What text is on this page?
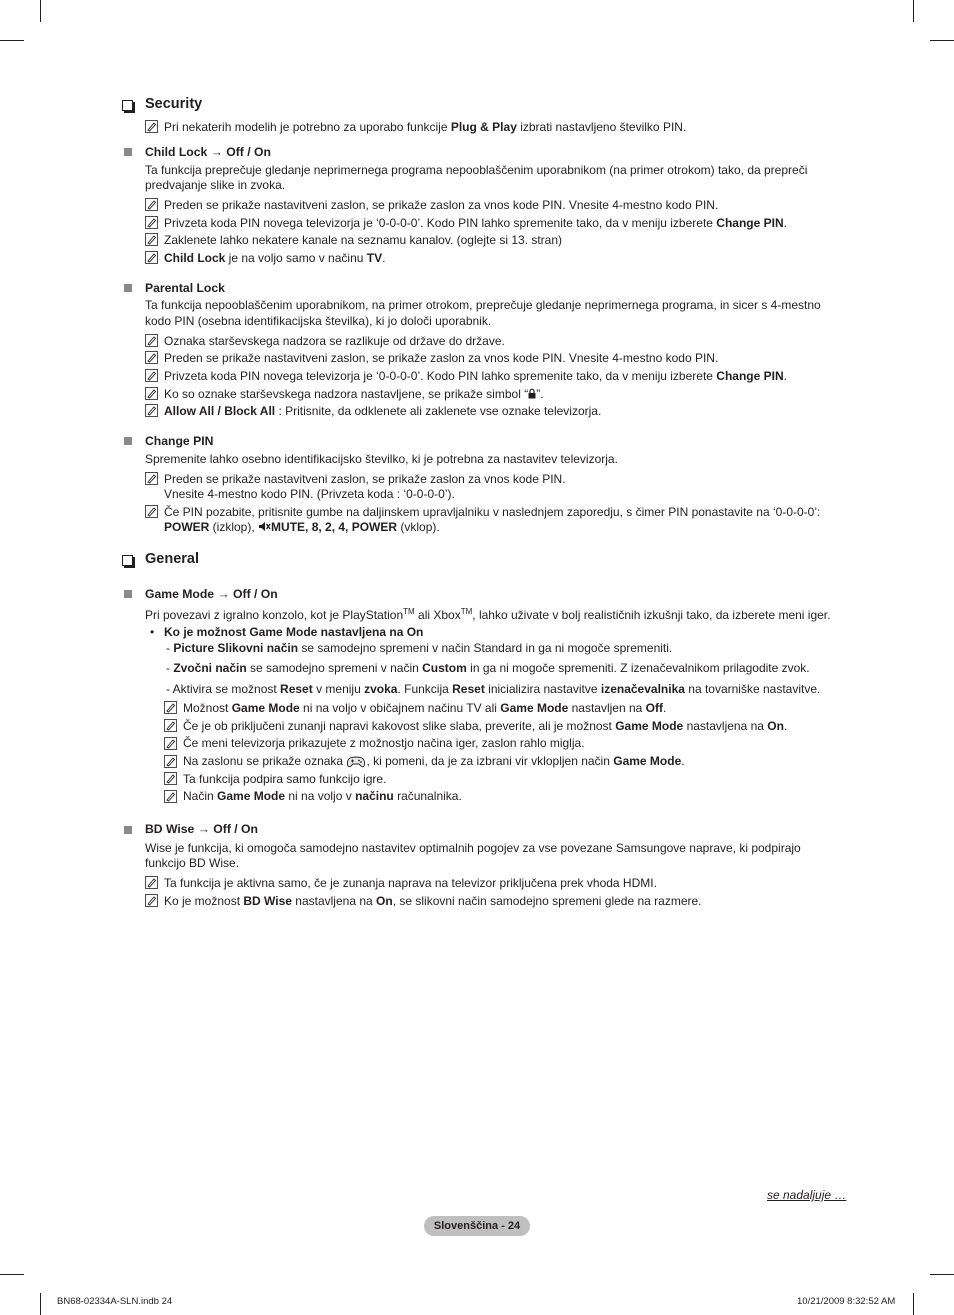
Security
Pri nekaterih modelih je potrebno za uporabo funkcije Plug & Play izbrati nastavljeno številko PIN.
Child Lock → Off / On
Ta funkcija preprečuje gledanje neprimernega programa nepooblaščenim uporabnikom (na primer otrokom) tako, da prepreči
predvajanje slike in zvoka.
Preden se prikaže nastavitveni zaslon, se prikaže zaslon za vnos kode PIN. Vnesite 4-mestno kodo PIN.
Privzeta koda PIN novega televizorja je ‘0-0-0-0’. Kodo PIN lahko spremenite tako, da v meniju izberete Change PIN.
Zaklenete lahko nekatere kanale na seznamu kanalov. (oglejte si 13. stran)
Child Lock je na voljo samo v načinu TV.
Parental Lock
Ta funkcija nepooblaščenim uporabnikom, na primer otrokom, preprečuje gledanje neprimernega programa, in sicer s 4-mestno
kodo PIN (osebna identifikacijska številka), ki jo določi uporabnik.
Oznaka starševskega nadzora se razlikuje od države do države.
Preden se prikaže nastavitveni zaslon, se prikaže zaslon za vnos kode PIN. Vnesite 4-mestno kodo PIN.
Privzeta koda PIN novega televizorja je ‘0-0-0-0’. Kodo PIN lahko spremenite tako, da v meniju izberete Change PIN.
Ko so oznake starševskega nadzora nastavljene, se prikaže simbol “ ”.
Allow All / Block All : Pritisnite, da odklenete ali zaklenete vse oznake televizorja.
Change PIN
Spremenite lahko osebno identifikacijsko številko, ki je potrebna za nastavitev televizorja.
Preden se prikaže nastavitveni zaslon, se prikaže zaslon za vnos kode PIN.
Vnesite 4-mestno kodo PIN. (Privzeta koda : ‘0-0-0-0’).
Če PIN pozabite, pritisnite gumbe na daljinskem upravljalniku v naslednjem zaporedju, s čimer PIN ponastavite na ‘0-0-0-0’:
POWER (izklop), MUTE, 8, 2, 4, POWER (vklop).
General
Game Mode → Off / On
Pri povezavi z igralno konzolo, kot je PlayStation™ ali Xbox™, lahko uživate v bolj realističnih izkušnji tako, da izberete meni iger.
• Ko je možnost Game Mode nastavljena na On
- Picture Slikovni način se samodejno spremeni v način Standard in ga ni mogoče spremeniti.
- Zvočni način se samodejno spremeni v način Custom in ga ni mogoče spremeniti. Z izenačevalnikom prilagodite zvok.
- Aktivira se možnost Reset v meniju zvoka. Funkcija Reset inicializira nastavitve izenačevalnika na tovarniške nastavitve.
Možnost Game Mode ni na voljo v običajnem načinu TV ali Game Mode nastavljen na Off.
Če je ob priključeni zunanji napravi kakovost slike slaba, preverite, ali je možnost Game Mode nastavljena na On.
Če meni televizorja prikazujete z možnostjo načina iger, zaslon rahlo miglja.
Na zaslonu se prikaže oznaka , ki pomeni, da je za izbrani vir vklopljen način Game Mode.
Ta funkcija podpira samo funkcijo igre.
Način Game Mode ni na voljo v načinu računalnika.
BD Wise → Off / On
Wise je funkcija, ki omogoča samodejno nastavitev optimalnih pogojev za vse povezane Samsungove naprave, ki podpirajo
funkcijo BD Wise.
Ta funkcija je aktivna samo, če je zunanja naprava na televizor priključena prek vhoda HDMI.
Ko je možnost BD Wise nastavljena na On, se slikovni način samodejno spremeni glede na razmere.
se nadaljuje …
Slovenščina - 24
BN68-02334A-SLN.indb 24	10/21/2009 8:32:52 AM
